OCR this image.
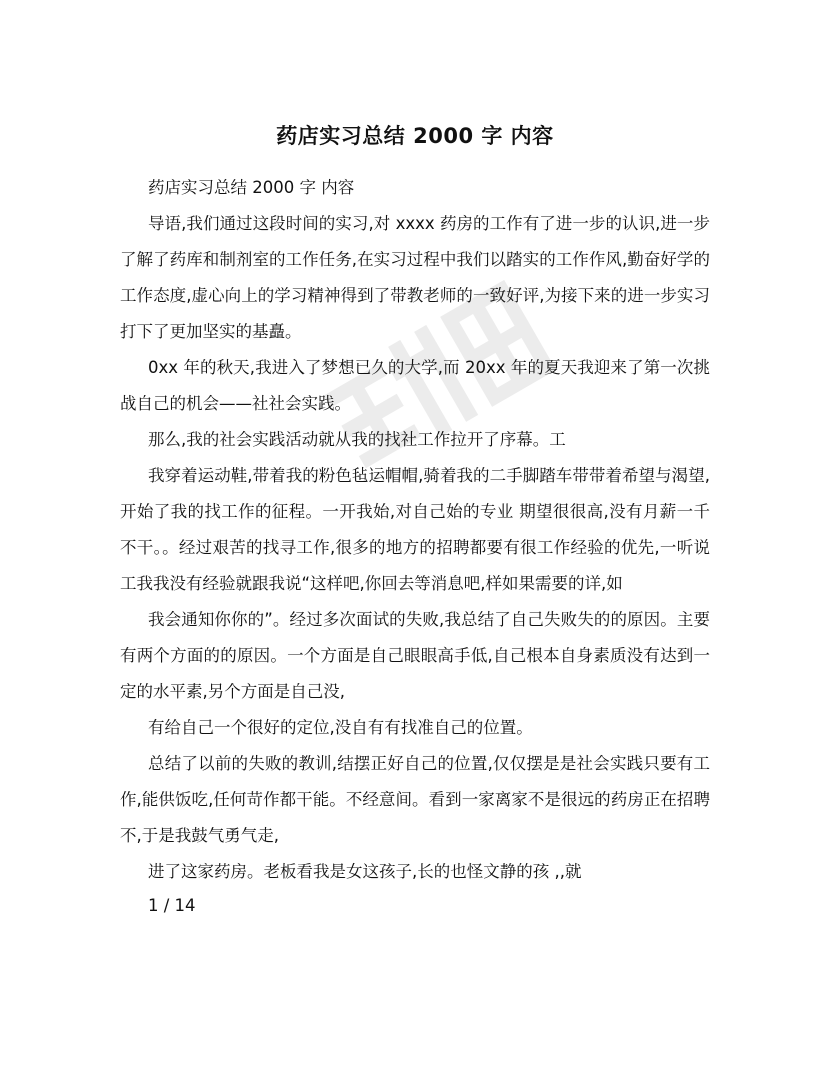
药店实习总结 2000 字 内容

药店实习总结 2000 字 内容

导语,我们通过这段时间的实习,对 xxxx 药房的工作有了进一步的认识,进一步了解了药库和制剂室的工作任务,在实习过程中我们以踏实的工作作风,勤奋好学的工作态度,虚心向上的学习精神得到了带教老师的一致好评,为接下来的进一步实习打下了更加坚实的基矗。

0xx 年的秋天,我进入了梦想已久的大学,而 20xx 年的夏天我迎来了第一次挑战自己的机会——社社会实践。

那么,我的社会实践活动就从我的找社工作拉开了序幕。工

我穿着运动鞋,带着我的粉色毡运帽帽,骑着我的二手脚踏车带带着希望与渴望,开始了我的找工作的征程。一开我始,对自己始的专业 期望很很高,没有月薪一千不干。。经过艰苦的找寻工作,很多的地方的招聘都要有很工作经验的优先,一听说工我我没有经验就跟我说“这样吧,你回去等消息吧,样如果需要的详,如

我会通知你你的”。经过多次面试的失败,我总结了自己失败失的的原因。主要有两个方面的的原因。一个方面是自己眼眼高手低,自己根本自身素质没有达到一定的水平素,另个方面是自己没,

有给自己一个很好的定位,没自有有找准自己的位置。

总结了以前的失败的教训,结摆正好自己的位置,仅仅摆是是社会实践只要有工作,能供饭吃,任何苛作都干能。不经意间。看到一家离家不是很远的药房正在招聘不,于是我鼓气勇气走,

进了这家药房。老板看我是女这孩子,长的也怪文静的孩 ,,就

1 / 14
